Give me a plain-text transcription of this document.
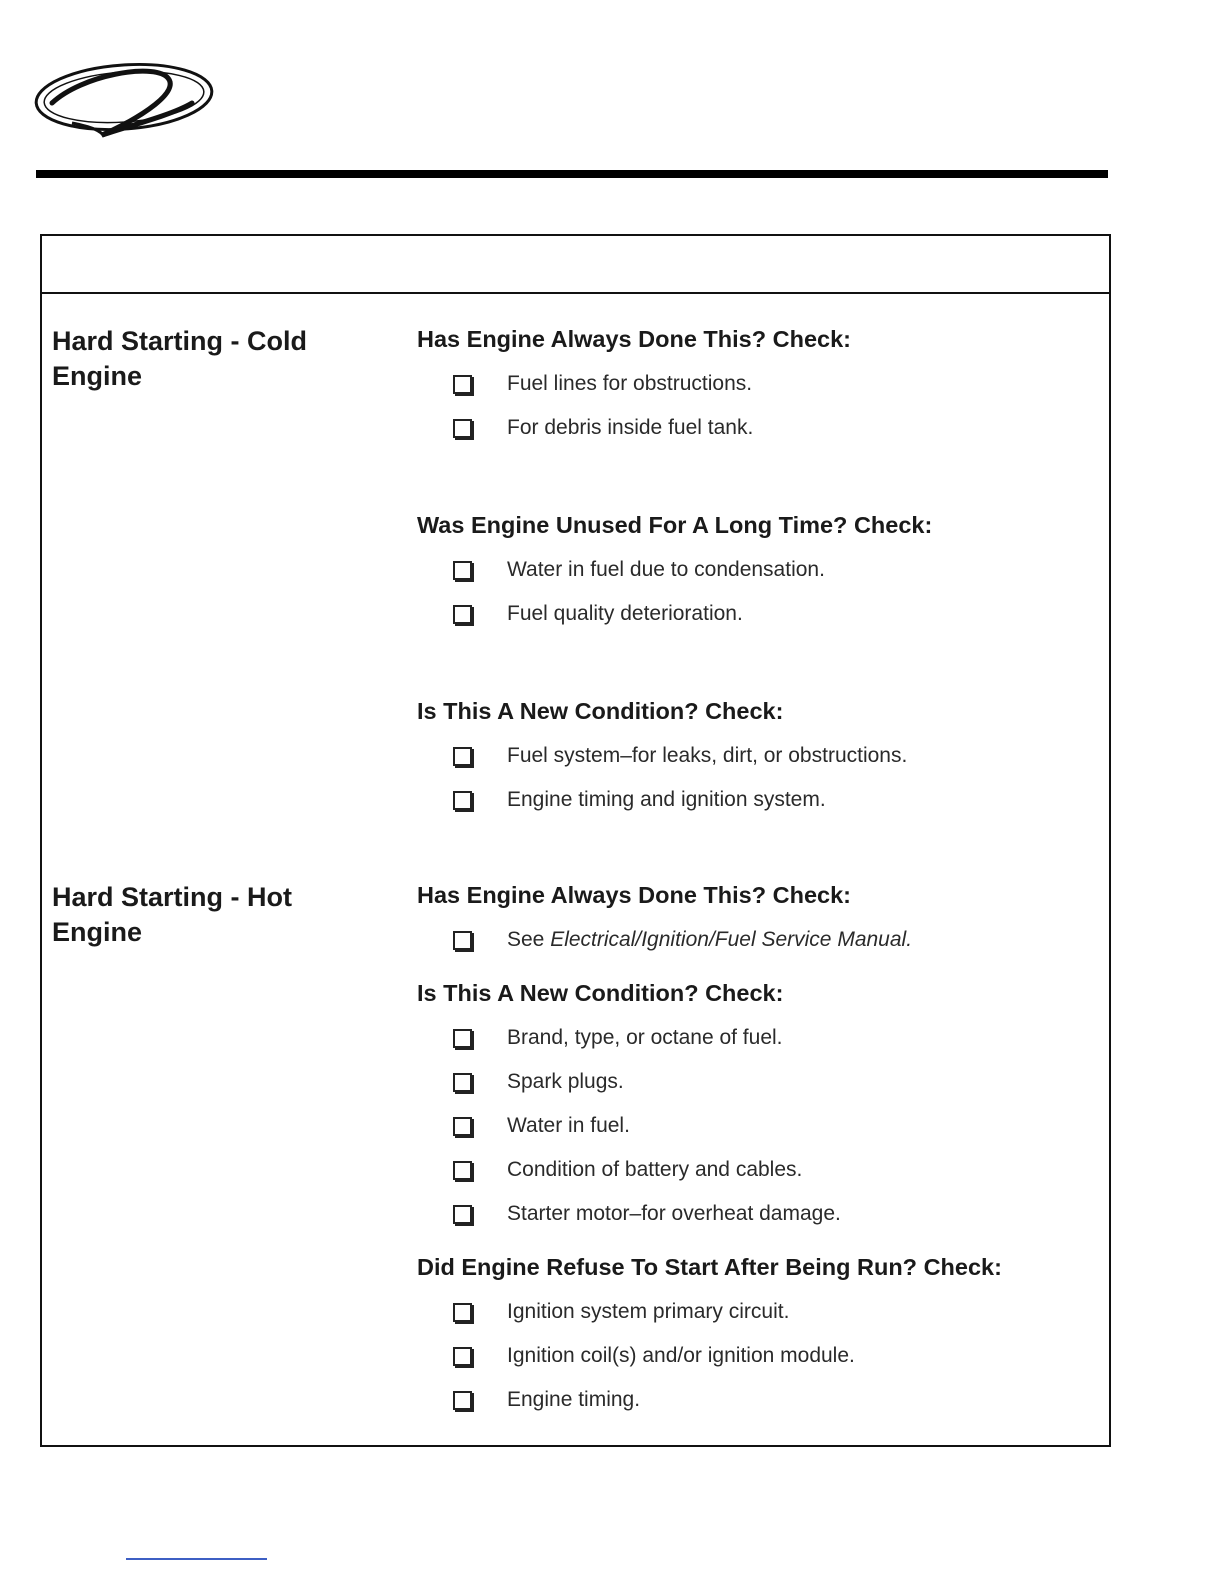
Hard Starting - Cold Engine
Has Engine Always Done This? Check:
Fuel lines for obstructions.
For debris inside fuel tank.
Was Engine Unused For A Long Time? Check:
Water in fuel due to condensation.
Fuel quality deterioration.
Is This A New Condition? Check:
Fuel system–for leaks, dirt, or obstructions.
Engine timing and ignition system.
Hard Starting - Hot Engine
Has Engine Always Done This? Check:
See Electrical/Ignition/Fuel Service Manual.
Is This A New Condition? Check:
Brand, type, or octane of fuel.
Spark plugs.
Water in fuel.
Condition of battery and cables.
Starter motor–for overheat damage.
Did Engine Refuse To Start After Being Run? Check:
Ignition system primary circuit.
Ignition coil(s) and/or ignition module.
Engine timing.
